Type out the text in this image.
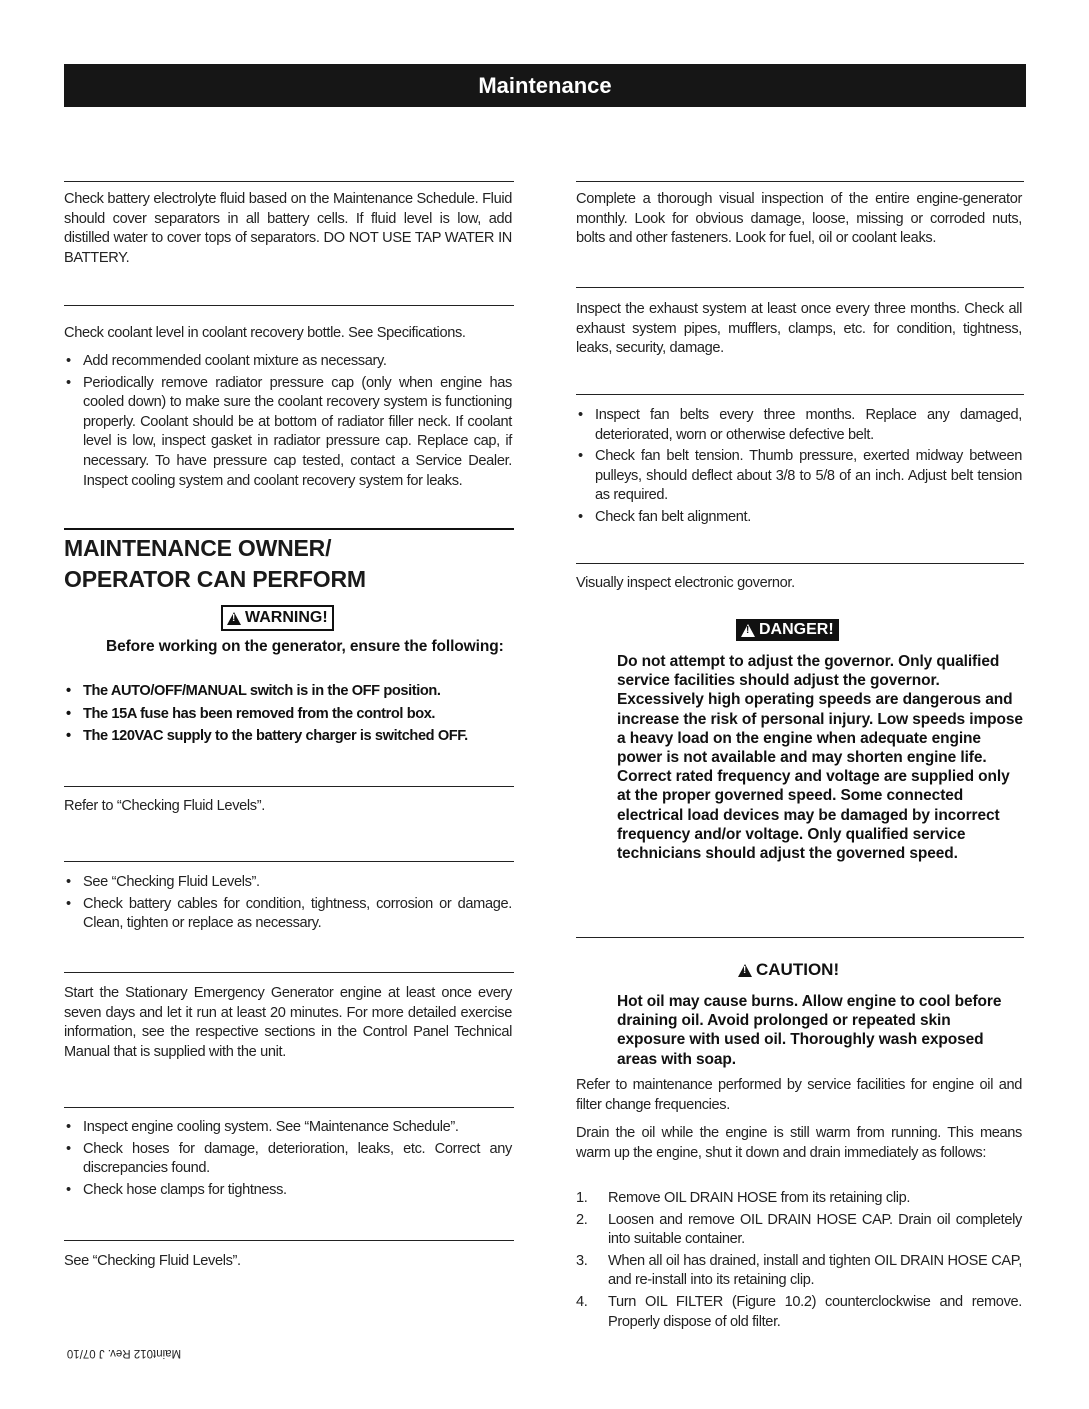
Maintenance
Check battery electrolyte fluid based on the Maintenance Schedule. Fluid should cover separators in all battery cells. If fluid level is low, add distilled water to cover tops of separators. DO NOT USE TAP WATER IN BATTERY.
Check coolant level in coolant recovery bottle. See Specifications.
• Add recommended coolant mixture as necessary.
• Periodically remove radiator pressure cap (only when engine has cooled down) to make sure the coolant recovery system is functioning properly. Coolant should be at bottom of radiator filler neck. If coolant level is low, inspect gasket in radiator pressure cap. Replace cap, if necessary. To have pressure cap tested, contact a Service Dealer. Inspect cooling system and coolant recovery system for leaks.
MAINTENANCE OWNER/
OPERATOR CAN PERFORM
!
WARNING!
Before working on the generator, ensure the following:
• The AUTO/OFF/MANUAL switch is in the OFF position.
• The 15A fuse has been removed from the control box.
• The 120VAC supply to the battery charger is switched OFF.
Refer to “Checking Fluid Levels”.
• See “Checking Fluid Levels”.
• Check battery cables for condition, tightness, corrosion or damage. Clean, tighten or replace as necessary.
Start the Stationary Emergency Generator engine at least once every seven days and let it run at least 20 minutes. For more detailed exercise information, see the respective sections in the Control Panel Technical Manual that is supplied with the unit.
• Inspect engine cooling system. See “Maintenance Schedule”.
• Check hoses for damage, deterioration, leaks, etc. Correct any discrepancies found.
• Check hose clamps for tightness.
See “Checking Fluid Levels”.
Maint012 Rev. J 07/10
Complete a thorough visual inspection of the entire engine-generator monthly. Look for obvious damage, loose, missing or corroded nuts, bolts and other fasteners. Look for fuel, oil or coolant leaks.
Inspect the exhaust system at least once every three months. Check all exhaust system pipes, mufflers, clamps, etc. for condition, tightness, leaks, security, damage.
• Inspect fan belts every three months. Replace any damaged, deteriorated, worn or otherwise defective belt.
• Check fan belt tension. Thumb pressure, exerted midway between pulleys, should deflect about 3/8 to 5/8 of an inch. Adjust belt tension as required.
• Check fan belt alignment.
Visually inspect electronic governor.
!
DANGER!
Do not attempt to adjust the governor. Only qualified service facilities should adjust the governor. Excessively high operating speeds are dangerous and increase the risk of personal injury. Low speeds impose a heavy load on the engine when adequate engine power is not available and may shorten engine life. Correct rated frequency and voltage are supplied only at the proper governed speed. Some connected electrical load devices may be damaged by incorrect frequency and/or voltage. Only qualified service technicians should adjust the governed speed.
!
CAUTION!
Hot oil may cause burns. Allow engine to cool before draining oil. Avoid prolonged or repeated skin exposure with used oil. Thoroughly wash exposed areas with soap.
Refer to maintenance performed by service facilities for engine oil and filter change frequencies.
Drain the oil while the engine is still warm from running. This means warm up the engine, shut it down and drain immediately as follows:
1. Remove OIL DRAIN HOSE from its retaining clip.
2. Loosen and remove OIL DRAIN HOSE CAP. Drain oil completely into suitable container.
3. When all oil has drained, install and tighten OIL DRAIN HOSE CAP, and re-install into its retaining clip.
4. Turn OIL FILTER (Figure 10.2) counterclockwise and remove. Properly dispose of old filter.
